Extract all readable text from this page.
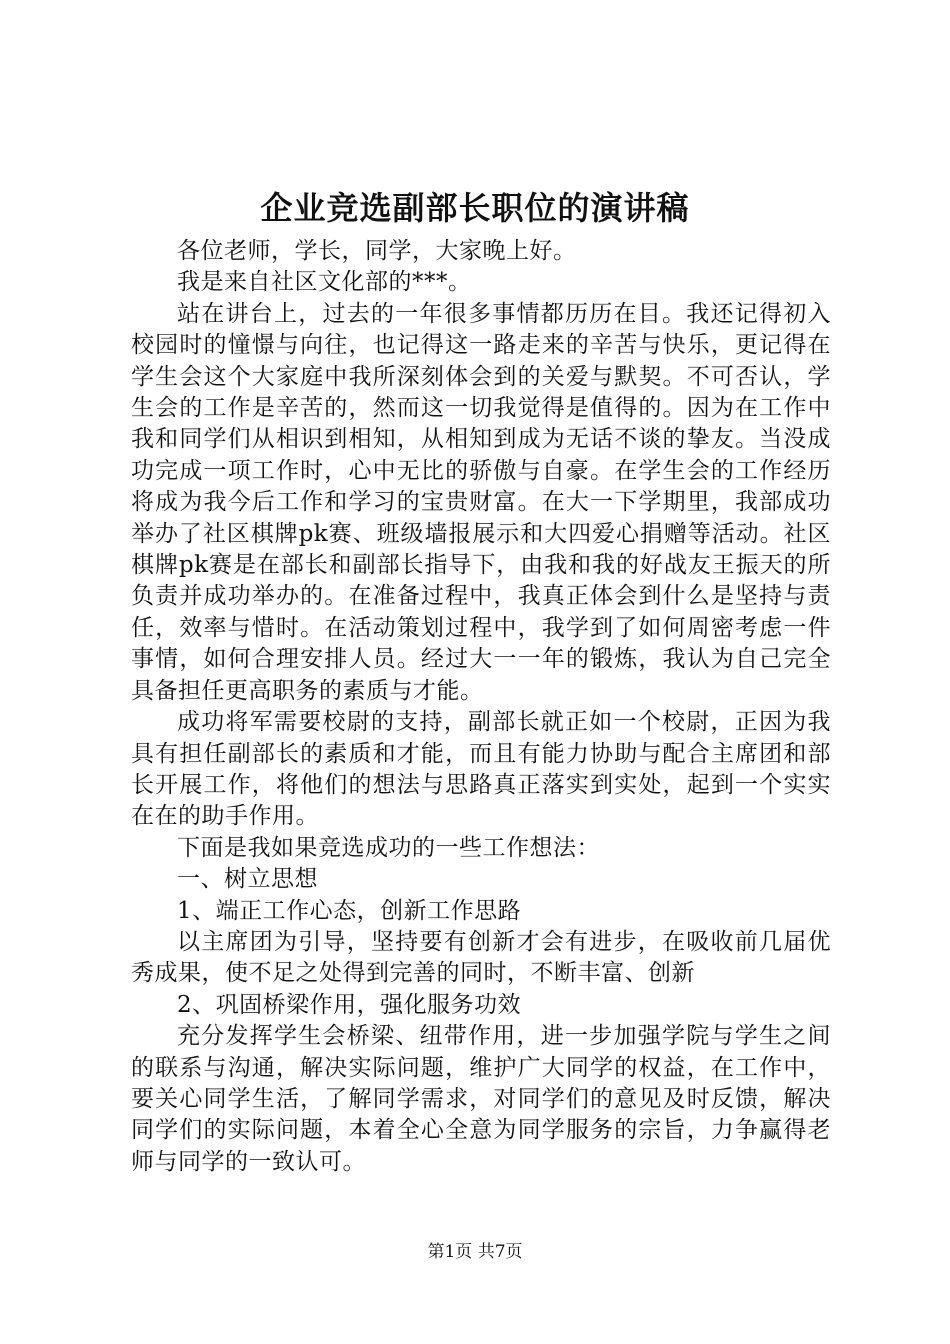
企业竞选副部长职位的演讲稿

各位老师，学长，同学，大家晚上好。

我是来自社区文化部的***。

站在讲台上，过去的一年很多事情都历历在目。我还记得初入校园时的憧憬与向往，也记得这一路走来的辛苦与快乐，更记得在学生会这个大家庭中我所深刻体会到的关爱与默契。不可否认，学生会的工作是辛苦的，然而这一切我觉得是值得的。因为在工作中我和同学们从相识到相知，从相知到成为无话不谈的挚友。当没成功完成一项工作时，心中无比的骄傲与自豪。在学生会的工作经历将成为我今后工作和学习的宝贵财富。在大一下学期里，我部成功举办了社区棋牌pk赛、班级墙报展示和大四爱心捐赠等活动。社区棋牌pk赛是在部长和副部长指导下，由我和我的好战友王振天的所负责并成功举办的。在准备过程中，我真正体会到什么是坚持与责任，效率与惜时。在活动策划过程中，我学到了如何周密考虑一件事情，如何合理安排人员。经过大一一年的锻炼，我认为自己完全具备担任更高职务的素质与才能。

成功将军需要校尉的支持，副部长就正如一个校尉，正因为我具有担任副部长的素质和才能，而且有能力协助与配合主席团和部长开展工作，将他们的想法与思路真正落实到实处，起到一个实实在在的助手作用。

下面是我如果竞选成功的一些工作想法：

一、树立思想

1、端正工作心态，创新工作思路

以主席团为引导，坚持要有创新才会有进步，在吸收前几届优秀成果，使不足之处得到完善的同时，不断丰富、创新

2、巩固桥梁作用，强化服务功效

充分发挥学生会桥梁、纽带作用，进一步加强学院与学生之间的联系与沟通，解决实际问题，维护广大同学的权益，在工作中，要关心同学生活，了解同学需求，对同学们的意见及时反馈，解决同学们的实际问题，本着全心全意为同学服务的宗旨，力争赢得老师与同学的一致认可。

第1页 共7页
